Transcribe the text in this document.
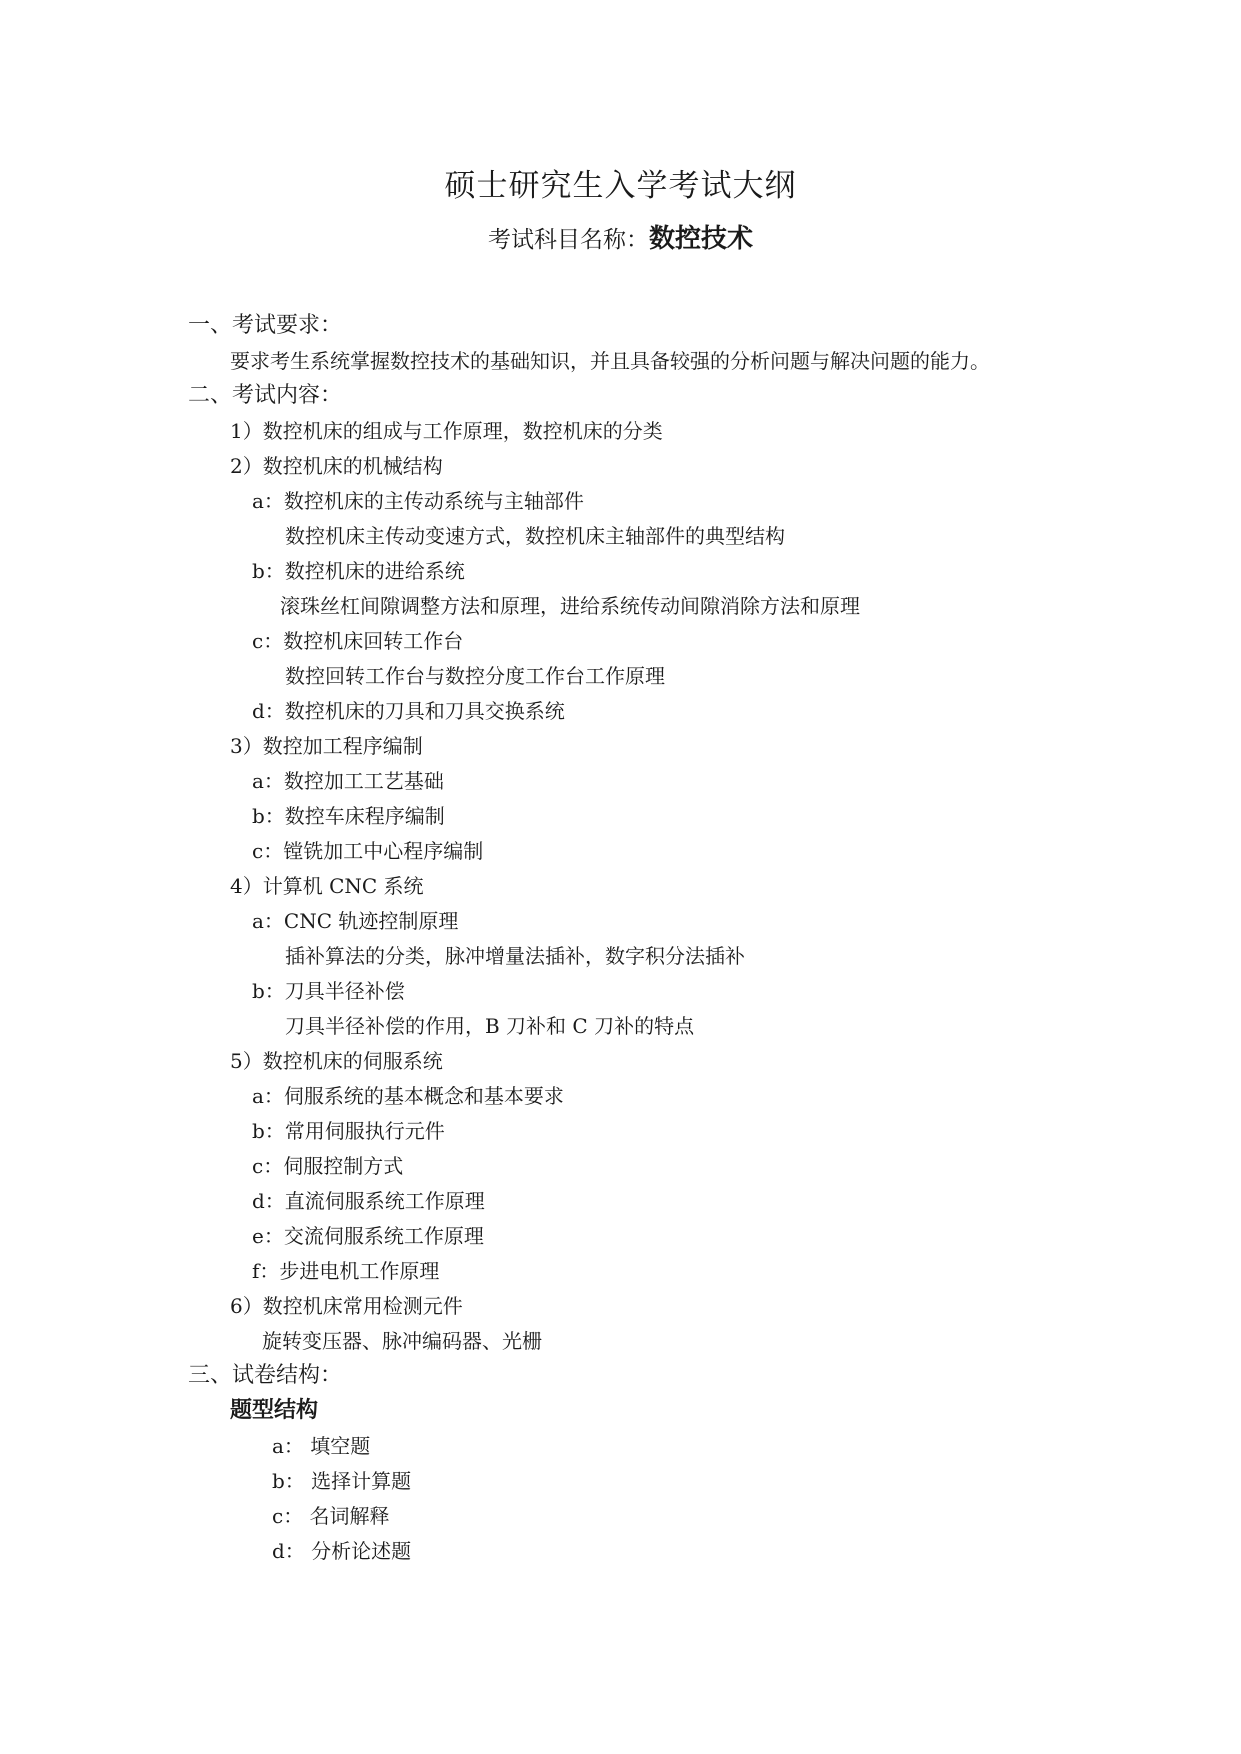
硕士研究生入学考试大纲
考试科目名称：数控技术
一、考试要求：
要求考生系统掌握数控技术的基础知识，并且具备较强的分析问题与解决问题的能力。
二、考试内容：
1）数控机床的组成与工作原理，数控机床的分类
2）数控机床的机械结构
a：数控机床的主传动系统与主轴部件
数控机床主传动变速方式，数控机床主轴部件的典型结构
b：数控机床的进给系统
滚珠丝杠间隙调整方法和原理，进给系统传动间隙消除方法和原理
c：数控机床回转工作台
数控回转工作台与数控分度工作台工作原理
d：数控机床的刀具和刀具交换系统
3）数控加工程序编制
a：数控加工工艺基础
b：数控车床程序编制
c：镗铣加工中心程序编制
4）计算机 CNC 系统
a：CNC 轨迹控制原理
插补算法的分类，脉冲增量法插补，数字积分法插补
b：刀具半径补偿
刀具半径补偿的作用，B 刀补和 C 刀补的特点
5）数控机床的伺服系统
a：伺服系统的基本概念和基本要求
b：常用伺服执行元件
c：伺服控制方式
d：直流伺服系统工作原理
e：交流伺服系统工作原理
f：步进电机工作原理
6）数控机床常用检测元件
旋转变压器、脉冲编码器、光栅
三、试卷结构：
题型结构
a： 填空题
b： 选择计算题
c： 名词解释
d： 分析论述题
